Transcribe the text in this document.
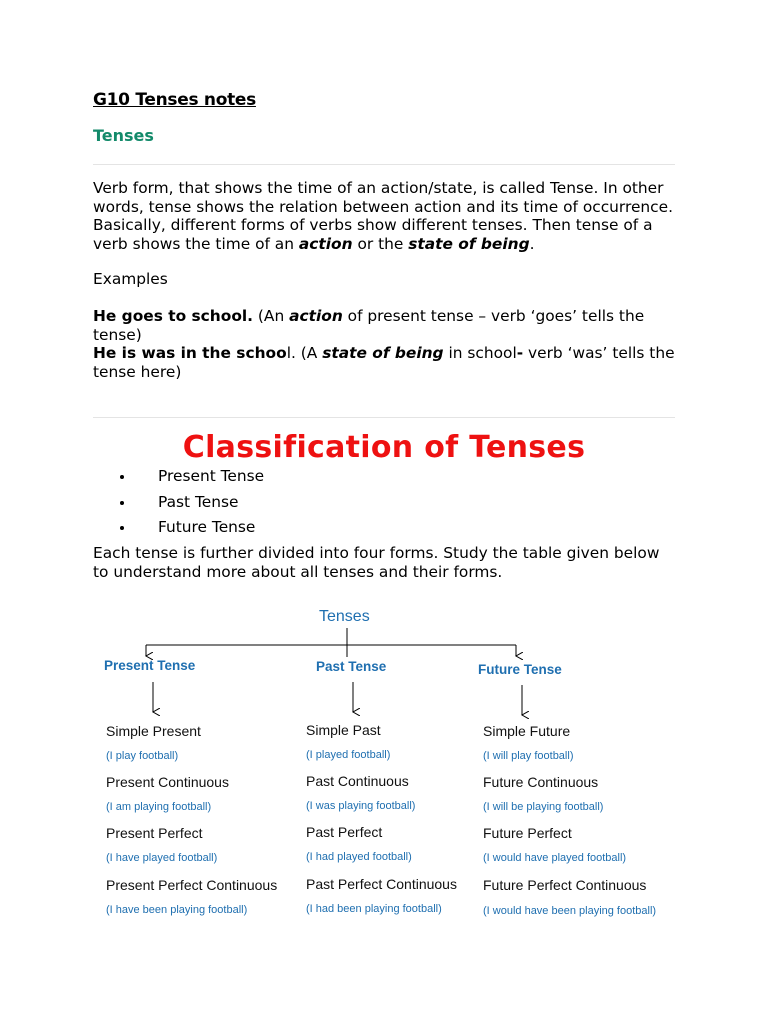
G10 Tenses notes
Tenses
Verb form, that shows the time of an action/state, is called Tense. In other words, tense shows the relation between action and its time of occurrence. Basically, different forms of verbs show different tenses. Then tense of a verb shows the time of an action or the state of being.
Examples
He goes to school. (An action of present tense – verb ‘goes’ tells the tense)
He is was in the school. (A state of being in school- verb ‘was’ tells the tense here)
Classification of Tenses
Present Tense
Past Tense
Future Tense
Each tense is further divided into four forms. Study the table given below to understand more about all tenses and their forms.
Tenses
Present Tense	Past Tense	Future Tense
Simple Present
(I play football)
Present Continuous
(I am playing football)
Present Perfect
(I have played football)
Present Perfect Continuous
(I have been playing football)
Simple Past
(I played football)
Past Continuous
(I was playing football)
Past Perfect
(I had played football)
Past Perfect Continuous
(I had been playing football)
Simple Future
(I will play football)
Future Continuous
(I will be playing football)
Future Perfect
(I would have played football)
Future Perfect Continuous
(I would have been playing football)
